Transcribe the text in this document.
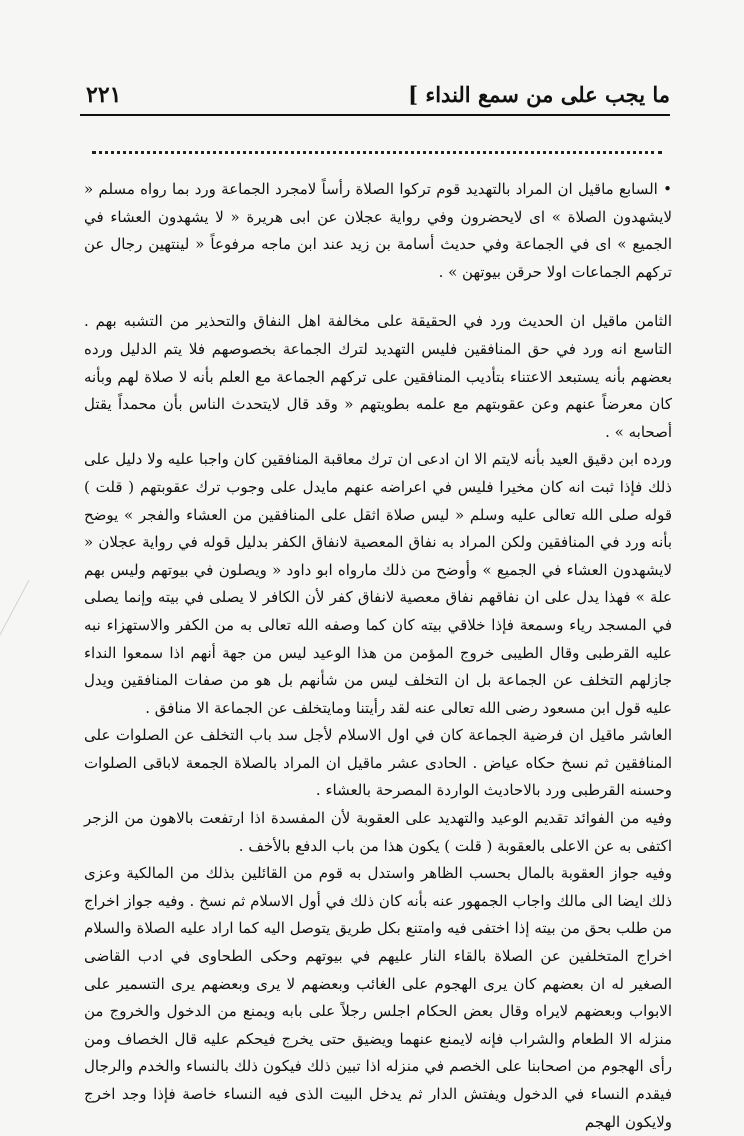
ما يجب على من سمع النداء ]
٢٢١

• السابع ماقيل ان المراد بالتهديد قوم تركوا الصلاة رأساً لامجرد الجماعة ورد بما رواه مسلم « لايشهدون الصلاة » اى لايحضرون وفي رواية عجلان عن ابى هريرة « لا يشهدون العشاء في الجميع » اى في الجماعة وفي حديث أسامة بن زيد عند ابن ماجه مرفوعاً « لينتهين رجال عن تركهم الجماعات اولا حرقن بيوتهن » .

الثامن ماقيل ان الحديث ورد في الحقيقة على مخالفة اهل النفاق والتحذير من التشبه بهم . التاسع انه ورد في حق المنافقين فليس التهديد لترك الجماعة بخصوصهم فلا يتم الدليل ورده بعضهم بأنه يستبعد الاعتناء بتأديب المنافقين على تركهم الجماعة مع العلم بأنه لا صلاة لهم وبأنه كان معرضاً عنهم وعن عقوبتهم مع علمه بطويتهم « وقد قال لايتحدث الناس بأن محمداً يقتل أصحابه » .

ورده ابن دقيق العيد بأنه لايتم الا ان ادعى ان ترك معاقبة المنافقين كان واجبا عليه ولا دليل على ذلك فإذا ثبت انه كان مخيرا فليس في اعراضه عنهم مايدل على وجوب ترك عقوبتهم ( قلت ) قوله صلى الله تعالى عليه وسلم « ليس صلاة اثقل على المنافقين من العشاء والفجر » يوضح بأنه ورد في المنافقين ولكن المراد به نفاق المعصية لانفاق الكفر بدليل قوله في رواية عجلان « لايشهدون العشاء في الجميع » وأوضح من ذلك مارواه ابو داود « ويصلون في بيوتهم وليس بهم علة » فهذا يدل على ان نفاقهم نفاق معصية لانفاق كفر لأن الكافر لا يصلى في بيته وإنما يصلى في المسجد رياء وسمعة فإذا خلاقي بيته كان كما وصفه الله تعالى به من الكفر والاستهزاء نبه عليه القرطبى وقال الطيبى خروج المؤمن من هذا الوعيد ليس من جهة أنهم اذا سمعوا النداء جازلهم التخلف عن الجماعة بل ان التخلف ليس من شأنهم بل هو من صفات المنافقين ويدل عليه قول ابن مسعود رضى الله تعالى عنه لقد رأيتنا ومايتخلف عن الجماعة الا منافق .

العاشر ماقيل ان فرضية الجماعة كان في اول الاسلام لأجل سد باب التخلف عن الصلوات على المنافقين ثم نسخ حكاه عياض . الحادى عشر ماقيل ان المراد بالصلاة الجمعة لاباقى الصلوات وحسنه القرطبى ورد بالاحاديث الواردة المصرحة بالعشاء .

وفيه من الفوائد تقديم الوعيد والتهديد على العقوبة لأن المفسدة اذا ارتفعت بالاهون من الزجر اكتفى به عن الاعلى بالعقوبة ( قلت ) يكون هذا من باب الدفع بالأخف .

وفيه جواز العقوبة بالمال بحسب الظاهر واستدل به قوم من القائلين بذلك من المالكية وعزى ذلك ايضا الى مالك واجاب الجمهور عنه بأنه كان ذلك في أول الاسلام ثم نسخ . وفيه جواز اخراج من طلب بحق من بيته إذا اختفى فيه وامتنع بكل طريق يتوصل اليه كما اراد عليه الصلاة والسلام اخراج المتخلفين عن الصلاة بالقاء النار عليهم في بيوتهم وحكى الطحاوى في ادب القاضى الصغير له ان بعضهم كان يرى الهجوم على الغائب وبعضهم لا يرى وبعضهم يرى التسمير على الابواب وبعضهم لايراه وقال بعض الحكام اجلس رجلاً على بابه ويمنع من الدخول والخروج من منزله الا الطعام والشراب فإنه لايمنع عنهما ويضيق حتى يخرج فيحكم عليه قال الخصاف ومن رأى الهجوم من اصحابنا على الخصم في منزله اذا تبين ذلك فيكون ذلك بالنساء والخدم والرجال فيقدم النساء في الدخول ويفتش الدار ثم يدخل البيت الذى فيه النساء خاصة فإذا وجد اخرج ولايكون الهجم
